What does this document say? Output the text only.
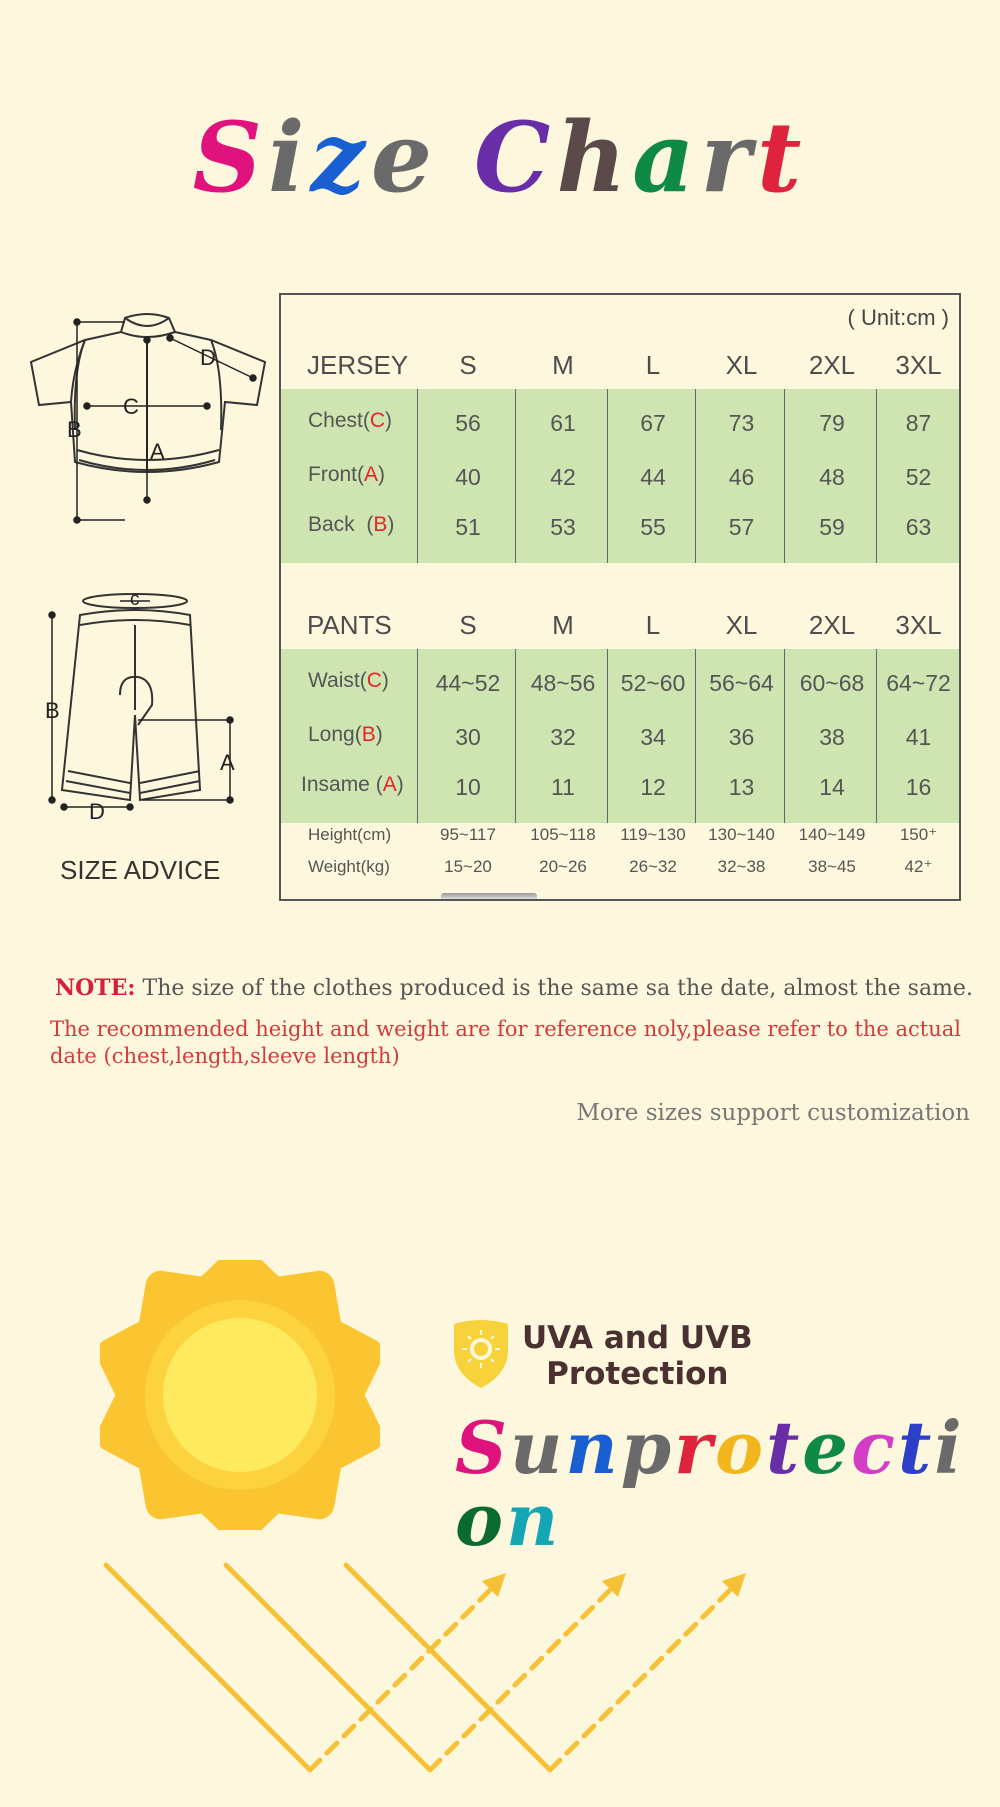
Size Chart
D
C
B
A
c
B
A
D
SIZE ADVICE
( Unit:cm )
JERSEY	S	M	L	XL	2XL	3XL
Chest(C)	56	61	67	73	79	87
Front(A)	40	42	44	46	48	52
Back  (B)	51	53	55	57	59	63
PANTS	S	M	L	XL	2XL	3XL
Waist(C)	44~52	48~56	52~60	56~64	60~68 64~72
Long(B)	30	32	34	36	38	41
Insame (A)	10	11	12	13	14	16
Height(cm)	95~117	105~118	119~130	130~140	140~149	150⁺
Weight(kg)	15~20	20~26	26~32	32~38	38~45	42⁺
NOTE: The size of the clothes produced is the same sa the date, almost the same.
The recommended height and weight are for reference noly,please refer to the actual date (chest,length,sleeve length)
More sizes support customization
UVA and UVB
Protection
Sunprotection
